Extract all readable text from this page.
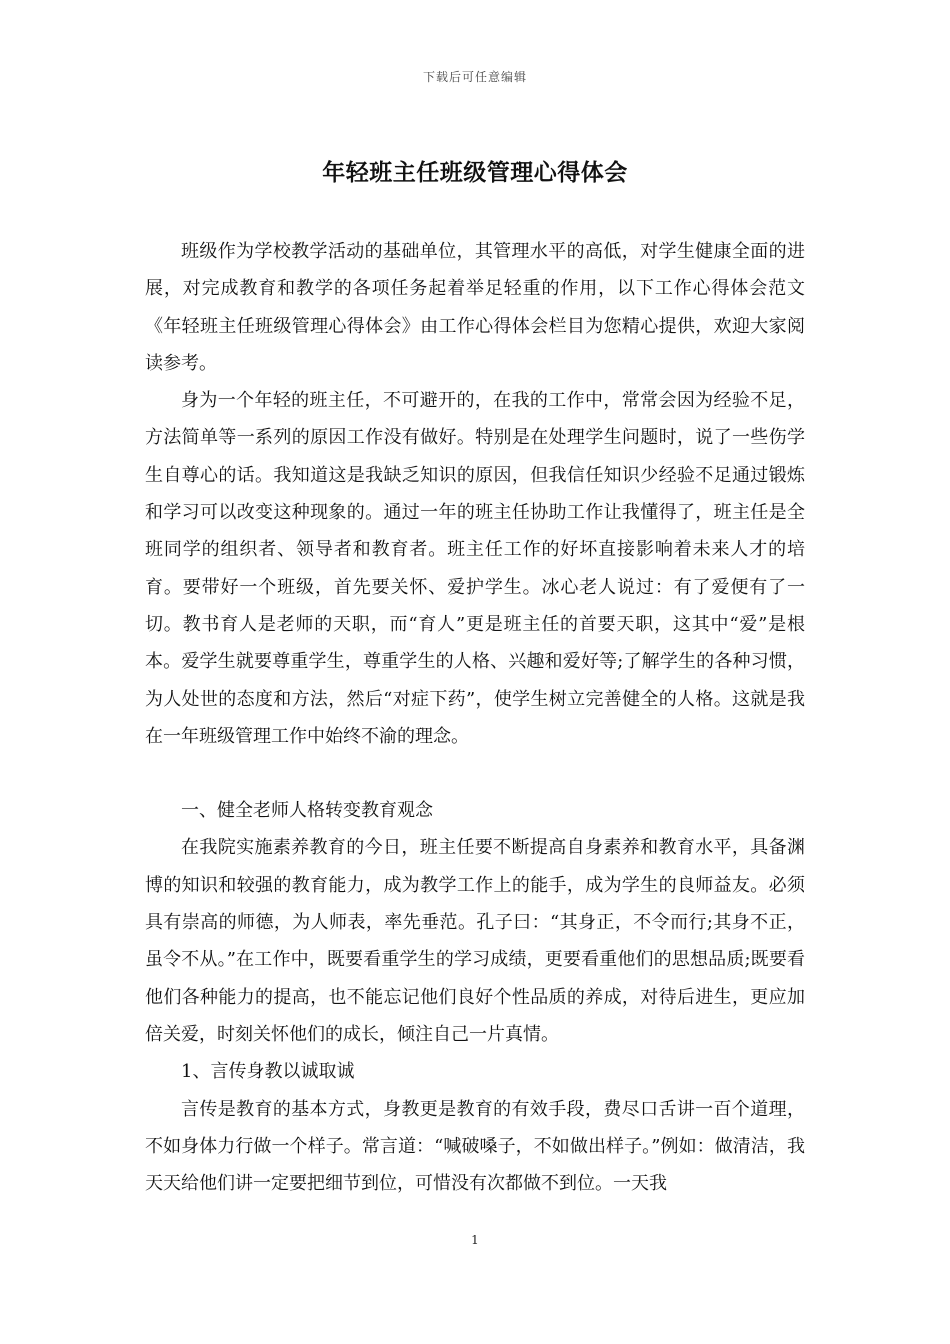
下载后可任意编辑
年轻班主任班级管理心得体会

班级作为学校教学活动的基础单位，其管理水平的高低，对学生健康全面的进展，对完成教育和教学的各项任务起着举足轻重的作用，以下工作心得体会范文《年轻班主任班级管理心得体会》由工作心得体会栏目为您精心提供，欢迎大家阅读参考。

身为一个年轻的班主任，不可避开的，在我的工作中，常常会因为经验不足，方法简单等一系列的原因工作没有做好。特别是在处理学生问题时，说了一些伤学生自尊心的话。我知道这是我缺乏知识的原因，但我信任知识少经验不足通过锻炼和学习可以改变这种现象的。通过一年的班主任协助工作让我懂得了，班主任是全班同学的组织者、领导者和教育者。班主任工作的好坏直接影响着未来人才的培育。要带好一个班级，首先要关怀、爱护学生。冰心老人说过：有了爱便有了一切。教书育人是老师的天职，而“育人”更是班主任的首要天职，这其中“爱”是根本。爱学生就要尊重学生，尊重学生的人格、兴趣和爱好等;了解学生的各种习惯，为人处世的态度和方法，然后“对症下药”，使学生树立完善健全的人格。这就是我在一年班级管理工作中始终不渝的理念。

一、健全老师人格转变教育观念

在我院实施素养教育的今日，班主任要不断提高自身素养和教育水平，具备渊博的知识和较强的教育能力，成为教学工作上的能手，成为学生的良师益友。必须具有崇高的师德，为人师表，率先垂范。孔子曰：“其身正，不令而行;其身不正，虽令不从。”在工作中，既要看重学生的学习成绩，更要看重他们的思想品质;既要看他们各种能力的提高，也不能忘记他们良好个性品质的养成，对待后进生，更应加倍关爱，时刻关怀他们的成长，倾注自己一片真情。

1、言传身教以诚取诚

言传是教育的基本方式，身教更是教育的有效手段，费尽口舌讲一百个道理，不如身体力行做一个样子。常言道：“喊破嗓子，不如做出样子。”例如：做清洁，我天天给他们讲一定要把细节到位，可惜没有次都做不到位。一天我

1
